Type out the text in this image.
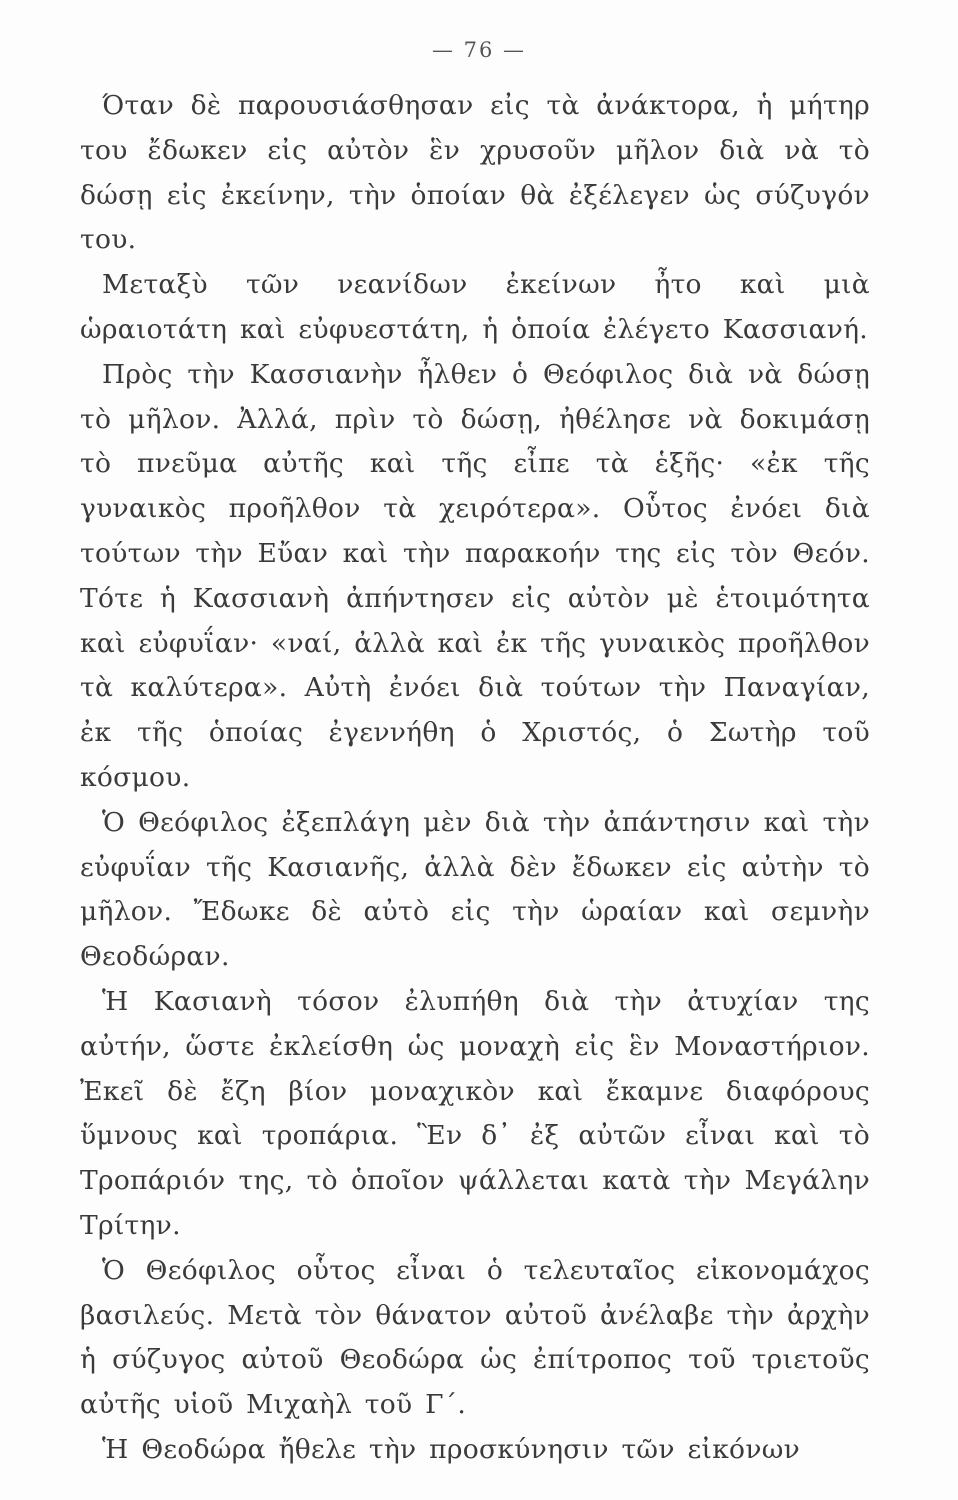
— 76 —

Όταν δὲ παρουσιάσθησαν εἰς τὰ ἀνάκτορα, ἡ μήτηρ του ἔδωκεν εἰς αὐτὸν ἓν χρυσοῦν μῆλον διὰ νὰ τὸ δώσῃ εἰς ἐκείνην, τὴν ὁποίαν θὰ ἐξέλεγεν ὡς σύζυγόν του.

Μεταξὺ τῶν νεανίδων ἐκείνων ἦτο καὶ μιὰ ὡραιοτάτη καὶ εὐφυεστάτη, ἡ ὁποία ἐλέγετο Κασσιανή.

Πρὸς τὴν Κασσιανὴν ἦλθεν ὁ Θεόφιλος διὰ νὰ δώσῃ τὸ μῆλον. Ἀλλά, πρὶν τὸ δώσῃ, ἠθέλησε νὰ δοκιμάσῃ τὸ πνεῦμα αὐτῆς καὶ τῆς εἶπε τὰ ἑξῆς· «ἐκ τῆς γυναικὸς προῆλθον τὰ χειρότερα». Οὗτος ἐνόει διὰ τούτων τὴν Εὔαν καὶ τὴν παρακοήν της εἰς τὸν Θεόν. Τότε ἡ Κασσιανὴ ἀπήντησεν εἰς αὐτὸν μὲ ἑτοιμότητα καὶ εὐφυΐαν· «ναί, ἀλλὰ καὶ ἐκ τῆς γυναικὸς προῆλθον τὰ καλύτερα». Αὐτὴ ἐνόει διὰ τούτων τὴν Παναγίαν, ἐκ τῆς ὁποίας ἐγεννήθη ὁ Χριστός, ὁ Σωτὴρ τοῦ κόσμου.

Ὁ Θεόφιλος ἐξεπλάγη μὲν διὰ τὴν ἀπάντησιν καὶ τὴν εὐφυΐαν τῆς Κασιανῆς, ἀλλὰ δὲν ἔδωκεν εἰς αὐτὴν τὸ μῆλον. Ἔδωκε δὲ αὐτὸ εἰς τὴν ὡραίαν καὶ σεμνὴν Θεοδώραν.

Ἡ Κασιανὴ τόσον ἐλυπήθη διὰ τὴν ἀτυχίαν της αὐτήν, ὥστε ἐκλείσθη ὡς μοναχὴ εἰς ἓν Μοναστήριον. Ἐκεῖ δὲ ἔζη βίον μοναχικὸν καὶ ἔκαμνε διαφόρους ὕμνους καὶ τροπάρια. Ἓν δ᾽ ἐξ αὐτῶν εἶναι καὶ τὸ Τροπάριόν της, τὸ ὁποῖον ψάλλεται κατὰ τὴν Μεγάλην Τρίτην.

Ὁ Θεόφιλος οὗτος εἶναι ὁ τελευταῖος εἰκονομάχος βασιλεύς. Μετὰ τὸν θάνατον αὐτοῦ ἀνέλαβε τὴν ἀρχὴν ἡ σύζυγος αὐτοῦ Θεοδώρα ὡς ἐπίτροπος τοῦ τριετοῦς αὐτῆς υἱοῦ Μιχαὴλ τοῦ Γ΄.

Ἡ Θεοδώρα ἤθελε τὴν προσκύνησιν τῶν εἰκόνων
